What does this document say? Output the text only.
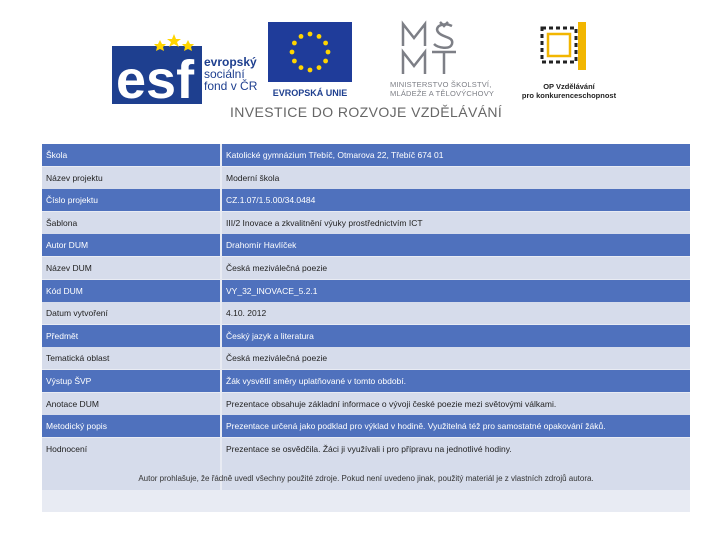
esf evropský
sociální
fond v ČR	EVROPSKÁ UNIE
MINISTERSTVO ŠKOLSTVÍ,
MLÁDEŽE A TĚLOVÝCHOVY
OP Vzdělávání
pro konkurenceschopnost
INVESTICE DO ROZVOJE VZDĚLÁVÁNÍ
Škola	Katolické gymnázium Třebíč, Otmarova 22, Třebíč 674 01
Název projektu	Moderní škola
Číslo projektu	CZ.1.07/1.5.00/34.0484
Šablona	III/2 Inovace a zkvalitnění výuky prostřednictvím ICT
Autor DUM	Drahomír Havlíček
Název DUM	Česká meziválečná poezie
Kód DUM	VY_32_INOVACE_5.2.1
Datum vytvoření	4.10. 2012
Předmět	Český jazyk a literatura
Tematická oblast	Česká meziválečná poezie
Výstup ŠVP	Žák vysvětlí směry uplatňované v tomto období.
Anotace DUM	Prezentace obsahuje základní informace o vývoji české poezie mezi světovými válkami.
Metodický popis	Prezentace určená jako podklad pro výklad v hodině. Využitelná též pro samostatné opakování žáků.
Hodnocení	Prezentace se osvědčila. Žáci ji využívali i pro přípravu na jednotlivé hodiny.
Autor prohlašuje, že řádně uvedl všechny použité zdroje. Pokud není uvedeno jinak, použitý materiál je z vlastních zdrojů autora.
